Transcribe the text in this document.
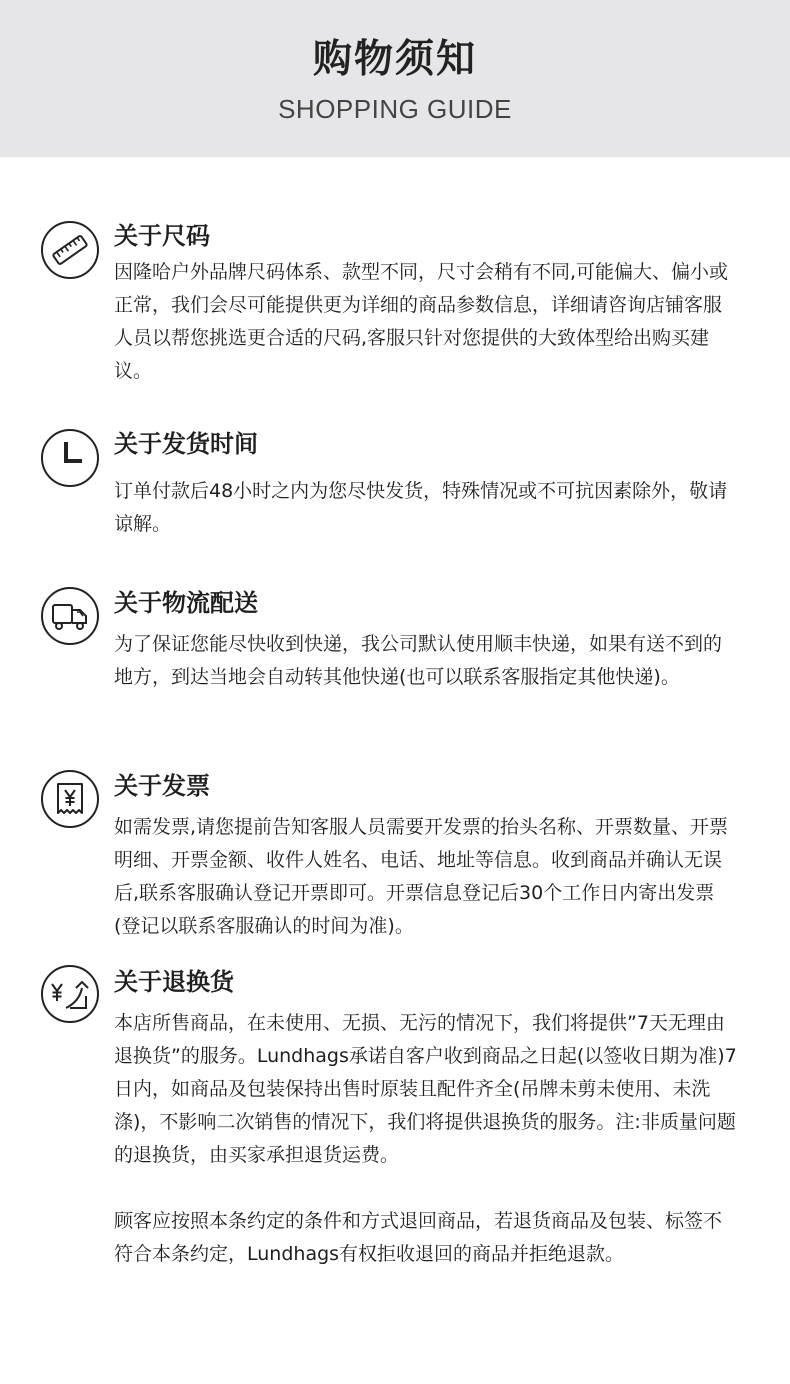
购物须知
SHOPPING GUIDE
关于尺码

因隆哈户外品牌尺码体系、款型不同，尺寸会稍有不同,可能偏大、偏小或正常，我们会尽可能提供更为详细的商品参数信息，详细请咨询店铺客服人员以帮您挑选更合适的尺码,客服只针对您提供的大致体型给出购买建议。

关于发货时间

订单付款后48小时之内为您尽快发货，特殊情况或不可抗因素除外，敬请谅解。

关于物流配送

为了保证您能尽快收到快递，我公司默认使用顺丰快递，如果有送不到的地方，到达当地会自动转其他快递(也可以联系客服指定其他快递)。

关于发票

如需发票,请您提前告知客服人员需要开发票的抬头名称、开票数量、开票明细、开票金额、收件人姓名、电话、地址等信息。收到商品并确认无误后,联系客服确认登记开票即可。开票信息登记后30个工作日内寄出发票(登记以联系客服确认的时间为准)。

关于退换货

本店所售商品，在未使用、无损、无污的情况下，我们将提供”7天无理由退换货”的服务。Lundhags承诺自客户收到商品之日起(以签收日期为准)7日内，如商品及包装保持出售时原装且配件齐全(吊牌未剪未使用、未洗涤)，不影响二次销售的情况下，我们将提供退换货的服务。注:非质量问题的退换货，由买家承担退货运费。

顾客应按照本条约定的条件和方式退回商品，若退货商品及包装、标签不符合本条约定，Lundhags有权拒收退回的商品并拒绝退款。
